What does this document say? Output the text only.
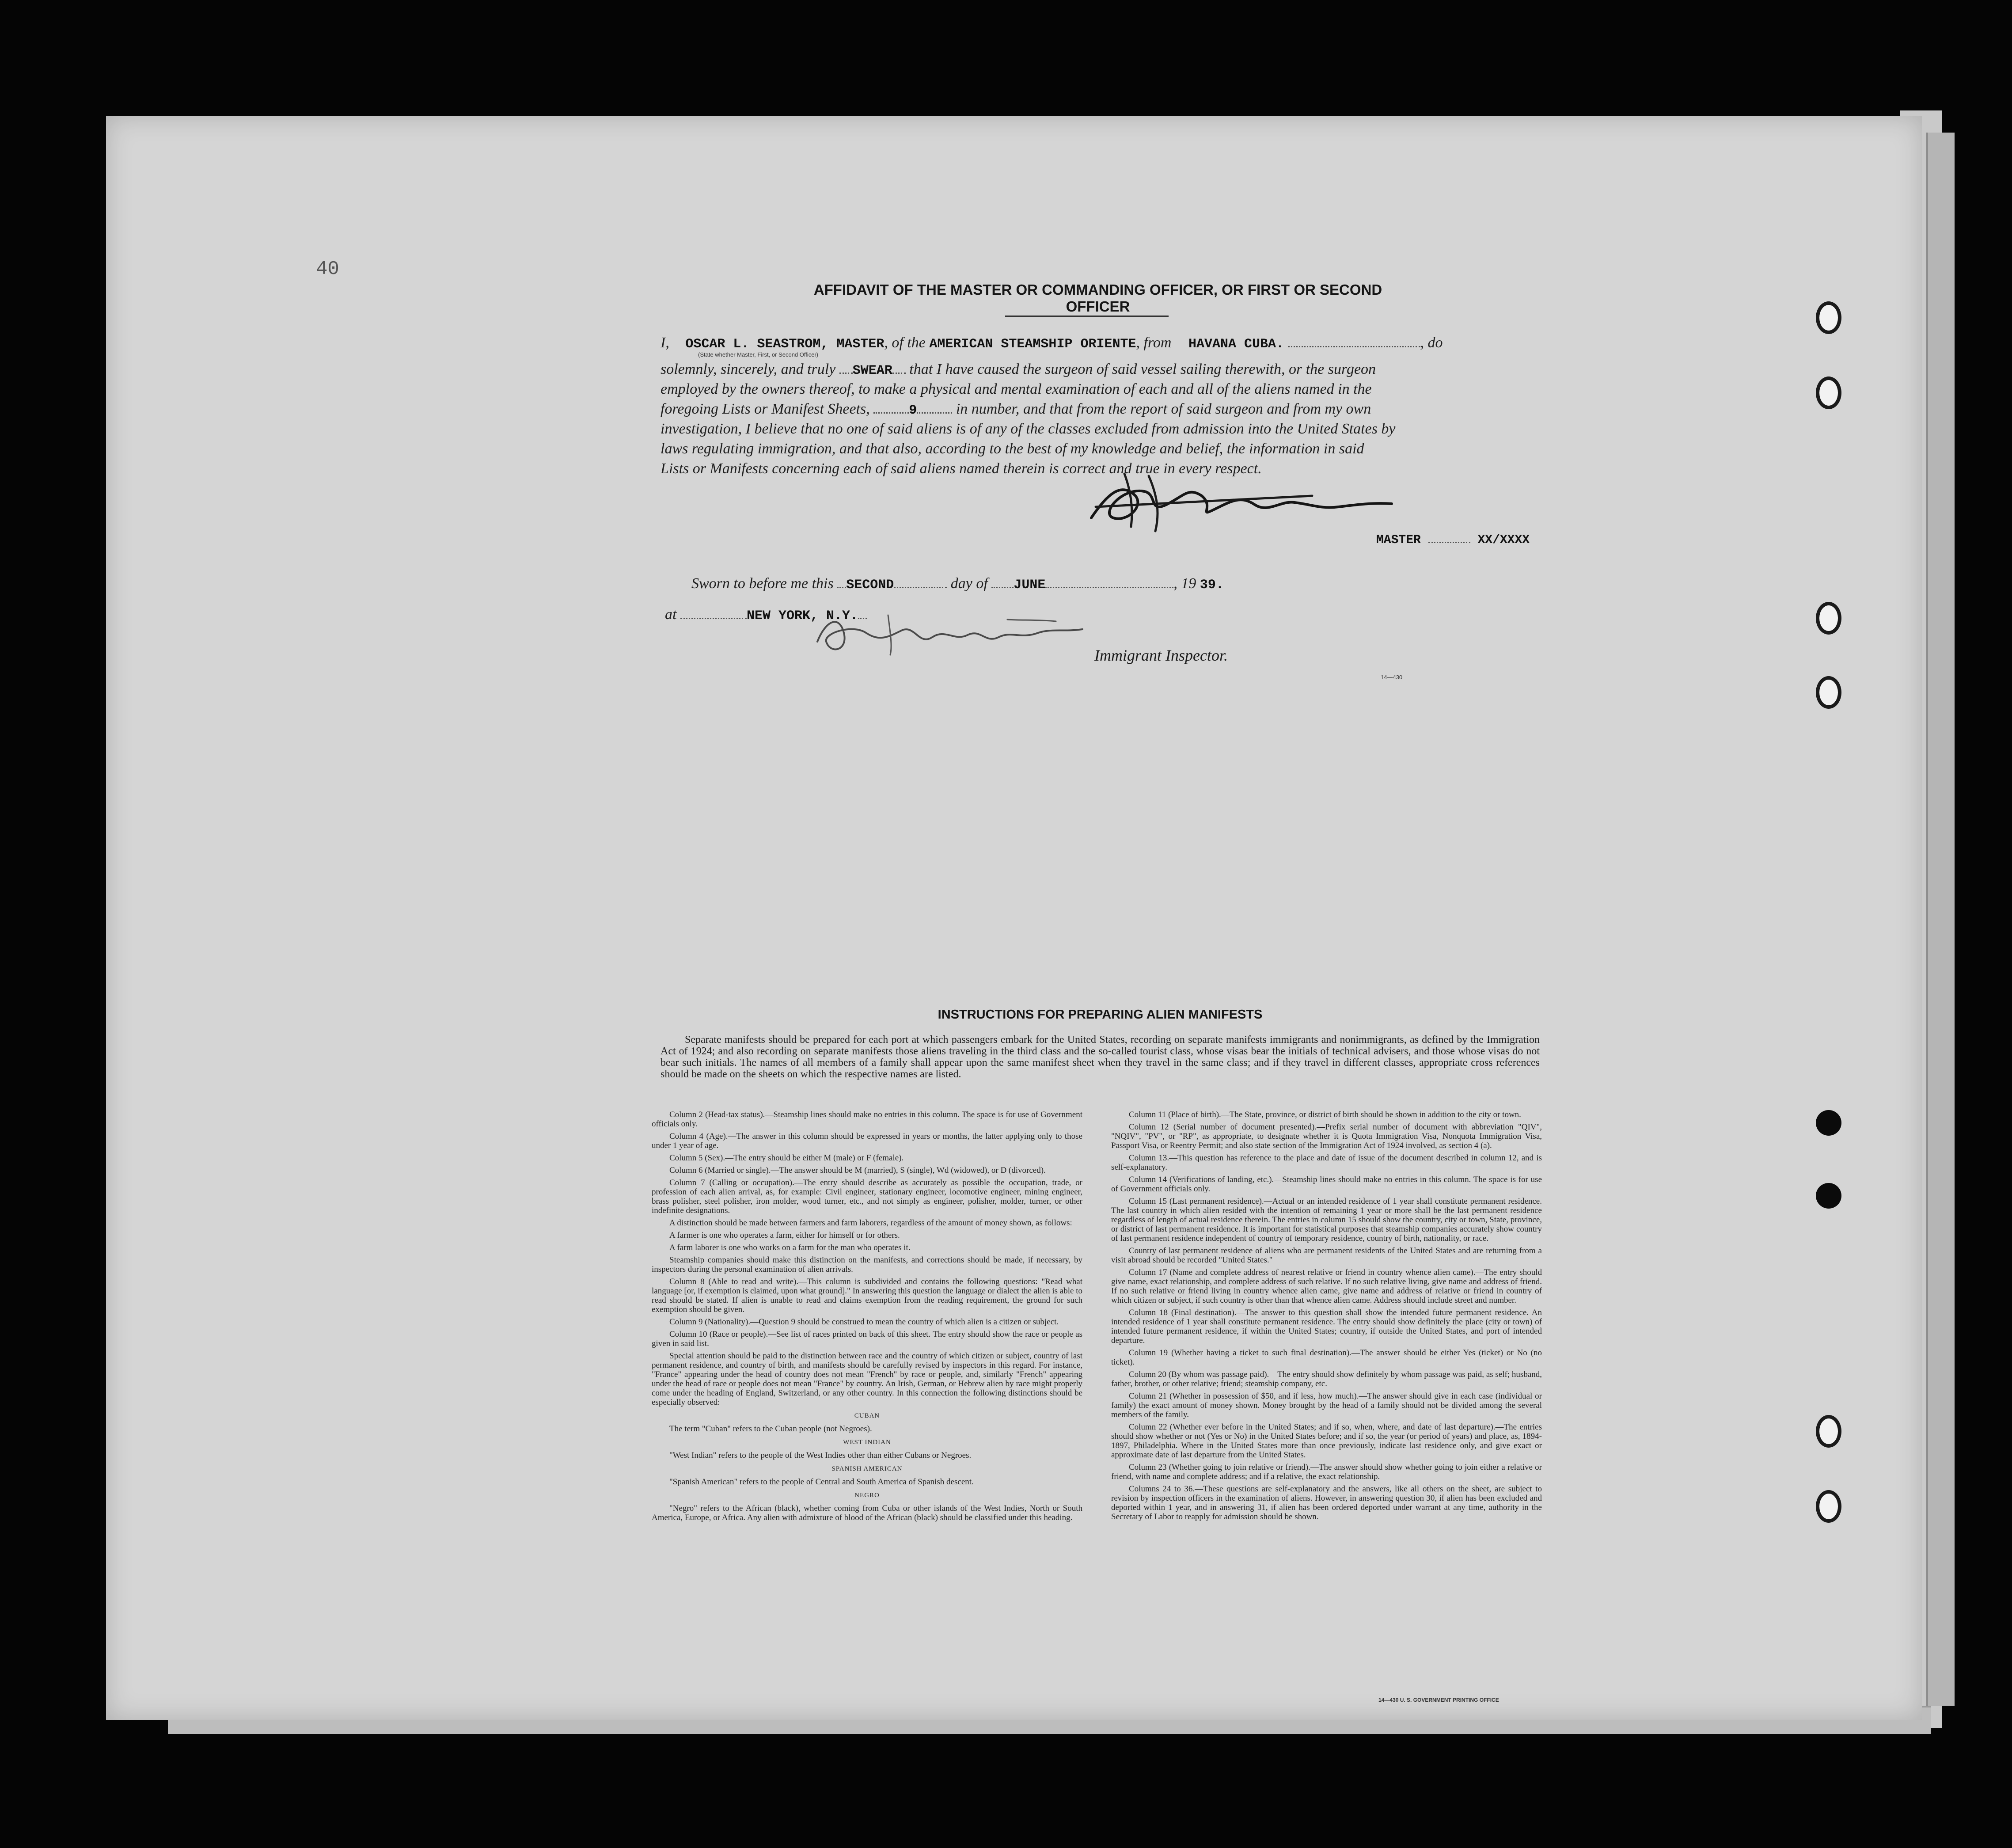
40
AFFIDAVIT OF THE MASTER OR COMMANDING OFFICER, OR FIRST OR SECOND OFFICER
I, OSCAR L. SEASTROM, MASTER, of the AMERICAN STEAMSHIP ORIENTE, from HAVANA CUBA.	, do
(State whether Master, First, or Second Officer)
solemnly, sincerely, and truly SWEAR that I have caused the surgeon of said vessel sailing therewith, or the surgeon
employed by the owners thereof, to make a physical and mental examination of each and all of the aliens named in the
foregoing Lists or Manifest Sheets,	9	in number, and that from the report of said surgeon and from my own
investigation, I believe that no one of said aliens is of any of the classes excluded from admission into the United States by
laws regulating immigration, and that also, according to the best of my knowledge and belief, the information in said
Lists or Manifests concerning each of said aliens named therein is correct and true in every respect.
MASTER	XX/XXXX
Sworn to before me this SECOND	day of JUNE	, 19 39.
at	NEW YORK, N.Y.
Immigrant Inspector.
14—430
INSTRUCTIONS FOR PREPARING ALIEN MANIFESTS
Separate manifests should be prepared for each port at which passengers embark for the United States, recording on separate manifests immigrants and nonimmigrants, as defined by the Immigration Act of 1924; and also recording on separate manifests those aliens traveling in the third class and the so-called tourist class, whose visas bear the initials of technical advisers, and those whose visas do not bear such initials. The names of all members of a family shall appear upon the same manifest sheet when they travel in the same class; and if they travel in different classes, appropriate cross references should be made on the sheets on which the respective names are listed.

Column 2 (Head-tax status).—Steamship lines should make no entries in this column. The space is for use of Government officials only.

Column 4 (Age).—The answer in this column should be expressed in years or months, the latter applying only to those under 1 year of age.

Column 5 (Sex).—The entry should be either M (male) or F (female).

Column 6 (Married or single).—The answer should be M (married), S (single), Wd (widowed), or D (divorced).

Column 7 (Calling or occupation).—The entry should describe as accurately as possible the occupation, trade, or profession of each alien arrival, as, for example: Civil engineer, stationary engineer, locomotive engineer, mining engineer, brass polisher, steel polisher, iron molder, wood turner, etc., and not simply as engineer, polisher, molder, turner, or other indefinite designations.

A distinction should be made between farmers and farm laborers, regardless of the amount of money shown, as follows:

A farmer is one who operates a farm, either for himself or for others.

A farm laborer is one who works on a farm for the man who operates it.

Steamship companies should make this distinction on the manifests, and corrections should be made, if necessary, by inspectors during the personal examination of alien arrivals.

Column 8 (Able to read and write).—This column is subdivided and contains the following questions: "Read what language [or, if exemption is claimed, upon what ground]." In answering this question the language or dialect the alien is able to read should be stated. If alien is unable to read and claims exemption from the reading requirement, the ground for such exemption should be given.

Column 9 (Nationality).—Question 9 should be construed to mean the country of which alien is a citizen or subject.

Column 10 (Race or people).—See list of races printed on back of this sheet. The entry should show the race or people as given in said list.

Special attention should be paid to the distinction between race and the country of which citizen or subject, country of last permanent residence, and country of birth, and manifests should be carefully revised by inspectors in this regard. For instance, "France" appearing under the head of country does not mean "French" by race or people, and, similarly "French" appearing under the head of race or people does not mean "France" by country. An Irish, German, or Hebrew alien by race might properly come under the heading of England, Switzerland, or any other country. In this connection the following distinctions should be especially observed:

CUBAN

The term "Cuban" refers to the Cuban people (not Negroes).

WEST INDIAN

"West Indian" refers to the people of the West Indies other than either Cubans or Negroes.

SPANISH AMERICAN

"Spanish American" refers to the people of Central and South America of Spanish descent.

NEGRO

"Negro" refers to the African (black), whether coming from Cuba or other islands of the West Indies, North or South America, Europe, or Africa. Any alien with admixture of blood of the African (black) should be classified under this heading.

Column 11 (Place of birth).—The State, province, or district of birth should be shown in addition to the city or town.

Column 12 (Serial number of document presented).—Prefix serial number of document with abbreviation "QIV", "NQIV", "PV", or "RP", as appropriate, to designate whether it is Quota Immigration Visa, Nonquota Immigration Visa, Passport Visa, or Reentry Permit; and also state section of the Immigration Act of 1924 involved, as section 4 (a).

Column 13.—This question has reference to the place and date of issue of the document described in column 12, and is self-explanatory.

Column 14 (Verifications of landing, etc.).—Steamship lines should make no entries in this column. The space is for use of Government officials only.

Column 15 (Last permanent residence).—Actual or an intended residence of 1 year shall constitute permanent residence. The last country in which alien resided with the intention of remaining 1 year or more shall be the last permanent residence regardless of length of actual residence therein. The entries in column 15 should show the country, city or town, State, province, or district of last permanent residence. It is important for statistical purposes that steamship companies accurately show country of last permanent residence independent of country of temporary residence, country of birth, nationality, or race.

Country of last permanent residence of aliens who are permanent residents of the United States and are returning from a visit abroad should be recorded "United States."

Column 17 (Name and complete address of nearest relative or friend in country whence alien came).—The entry should give name, exact relationship, and complete address of such relative. If no such relative living, give name and address of friend. If no such relative or friend living in country whence alien came, give name and address of relative or friend in country of which citizen or subject, if such country is other than that whence alien came. Address should include street and number.

Column 18 (Final destination).—The answer to this question shall show the intended future permanent residence. An intended residence of 1 year shall constitute permanent residence. The entry should show definitely the place (city or town) of intended future permanent residence, if within the United States; country, if outside the United States, and port of intended departure.

Column 19 (Whether having a ticket to such final destination).—The answer should be either Yes (ticket) or No (no ticket).

Column 20 (By whom was passage paid).—The entry should show definitely by whom passage was paid, as self; husband, father, brother, or other relative; friend; steamship company, etc.

Column 21 (Whether in possession of $50, and if less, how much).—The answer should give in each case (individual or family) the exact amount of money shown. Money brought by the head of a family should not be divided among the several members of the family.

Column 22 (Whether ever before in the United States; and if so, when, where, and date of last departure).—The entries should show whether or not (Yes or No) in the United States before; and if so, the year (or period of years) and place, as, 1894-1897, Philadelphia. Where in the United States more than once previously, indicate last residence only, and give exact or approximate date of last departure from the United States.

Column 23 (Whether going to join relative or friend).—The answer should show whether going to join either a relative or friend, with name and complete address; and if a relative, the exact relationship.

Columns 24 to 36.—These questions are self-explanatory and the answers, like all others on the sheet, are subject to revision by inspection officers in the examination of aliens. However, in answering question 30, if alien has been excluded and deported within 1 year, and in answering 31, if alien has been ordered deported under warrant at any time, authority in the Secretary of Labor to reapply for admission should be shown.

14—430 U. S. GOVERNMENT PRINTING OFFICE
